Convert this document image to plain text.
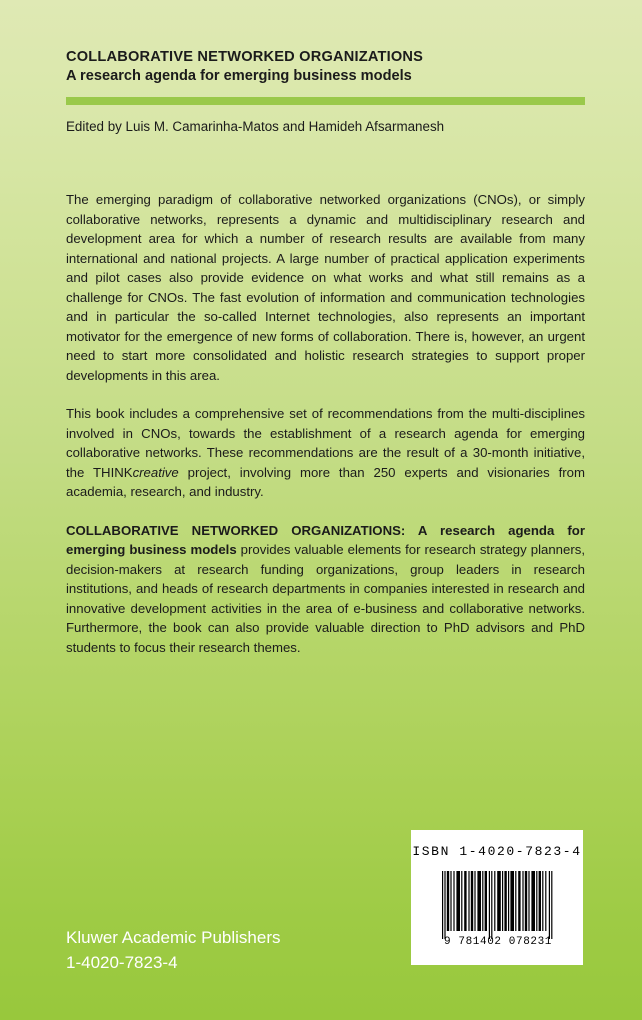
COLLABORATIVE NETWORKED ORGANIZATIONS
A research agenda for emerging business models
Edited by Luis M. Camarinha-Matos and Hamideh Afsarmanesh

The emerging paradigm of collaborative networked organizations (CNOs), or simply collaborative networks, represents a dynamic and multidisciplinary research and development area for which a number of research results are available from many international and national projects. A large number of practical application experiments and pilot cases also provide evidence on what works and what still remains as a challenge for CNOs. The fast evolution of information and communication technologies and in particular the so-called Internet technologies, also represents an important motivator for the emergence of new forms of collaboration. There is, however, an urgent need to start more consolidated and holistic research strategies to support proper developments in this area.

This book includes a comprehensive set of recommendations from the multi-disciplines involved in CNOs, towards the establishment of a research agenda for emerging collaborative networks. These recommendations are the result of a 30-month initiative, the THINKcreative project, involving more than 250 experts and visionaries from academia, research, and industry.

COLLABORATIVE NETWORKED ORGANIZATIONS: A research agenda for emerging business models provides valuable elements for research strategy planners, decision-makers at research funding organizations, group leaders in research institutions, and heads of research departments in companies interested in research and innovative development activities in the area of e-business and collaborative networks. Furthermore, the book can also provide valuable direction to PhD advisors and PhD students to focus their research themes.

ISBN 1-4020-7823-4
9 781402 078231
Kluwer Academic Publishers
1-4020-7823-4
